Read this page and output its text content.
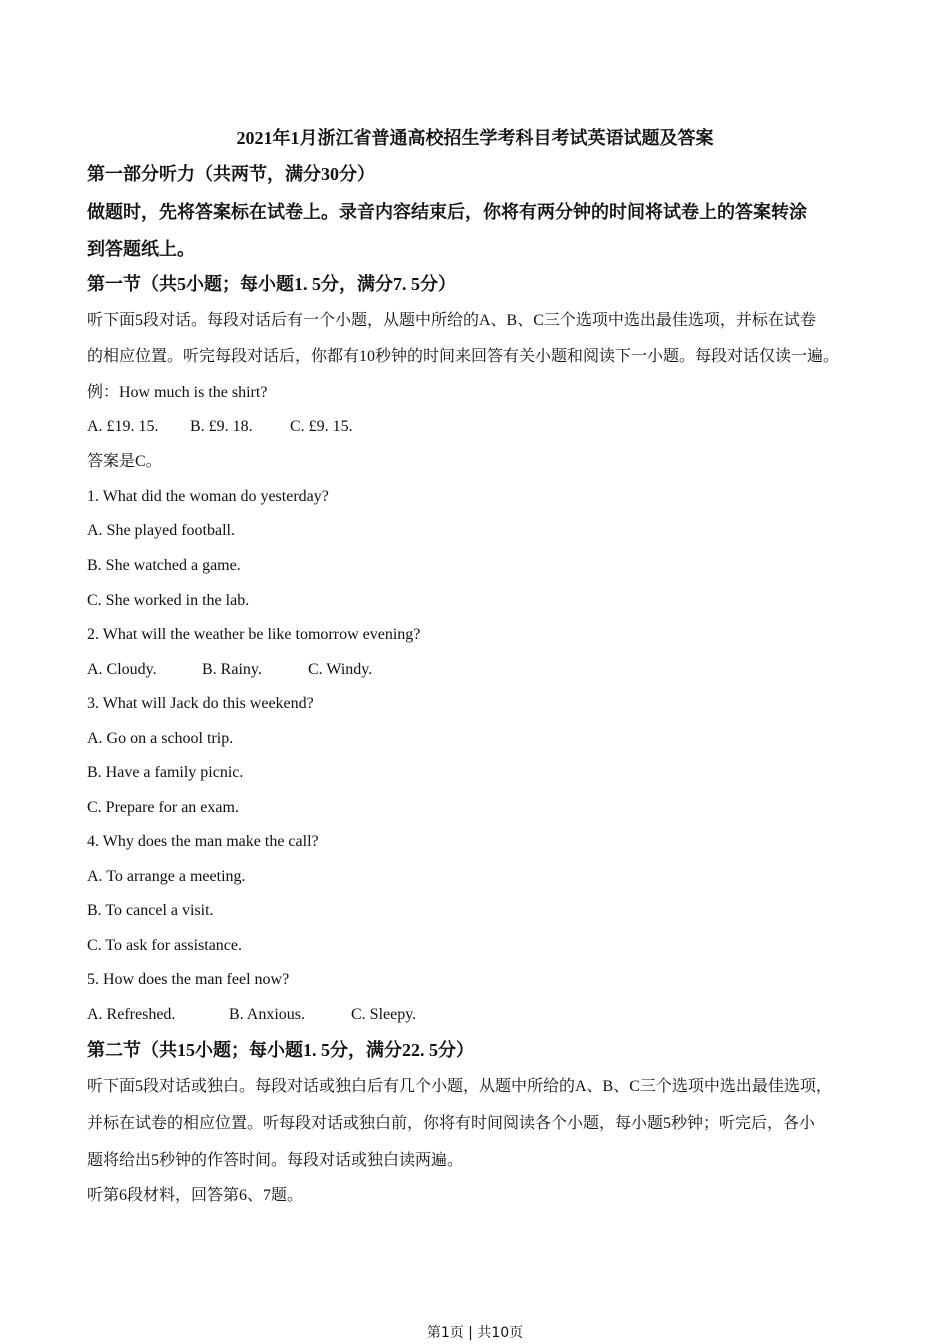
2021年1月浙江省普通高校招生学考科目考试英语试题及答案
第一部分听力（共两节，满分30分）
做题时，先将答案标在试卷上。录音内容结束后，你将有两分钟的时间将试卷上的答案转涂
到答题纸上。
第一节（共5小题；每小题1. 5分，满分7. 5分）
听下面5段对话。每段对话后有一个小题，从题中所给的A、B、C三个选项中选出最佳选项，并标在试卷
的相应位置。听完每段对话后，你都有10秒钟的时间来回答有关小题和阅读下一小题。每段对话仅读一遍。
例：How much is the shirt?
A. £19. 15. B. £9. 18. C. £9. 15.
答案是C。
1. What did the woman do yesterday?
A. She played football.
B. She watched a game.
C. She worked in the lab.
2. What will the weather be like tomorrow evening?
A. Cloudy.	B. Rainy.	C. Windy.
3. What will Jack do this weekend?
A. Go on a school trip.
B. Have a family picnic.
C. Prepare for an exam.
4. Why does the man make the call?
A. To arrange a meeting.
B. To cancel a visit.
C. To ask for assistance.
5. How does the man feel now?
A. Refreshed.	B. Anxious.	C. Sleepy.
第二节（共15小题；每小题1. 5分，满分22. 5分）
听下面5段对话或独白。每段对话或独白后有几个小题，从题中所给的A、B、C三个选项中选出最佳选项，
并标在试卷的相应位置。听每段对话或独白前，你将有时间阅读各个小题，每小题5秒钟；听完后，各小
题将给出5秒钟的作答时间。每段对话或独白读两遍。
听第6段材料，回答第6、7题。
第1页 | 共10页
